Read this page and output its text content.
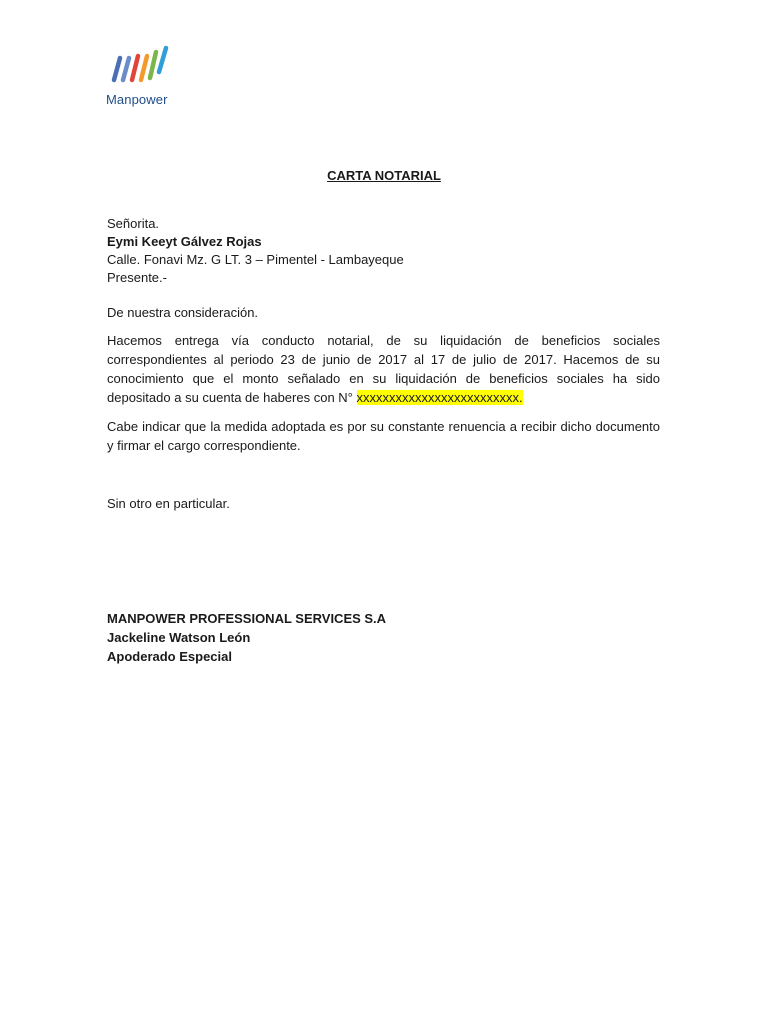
Manpower
CARTA NOTARIAL
Señorita.
Eymi Keeyt Gálvez Rojas
Calle. Fonavi Mz. G LT. 3 – Pimentel - Lambayeque
Presente.-
De nuestra consideración.
Hacemos entrega vía conducto notarial, de su liquidación de beneficios sociales correspondientes al periodo 23 de junio de 2017 al 17 de julio de 2017. Hacemos de su conocimiento que el monto señalado en su liquidación de beneficios sociales ha sido depositado a su cuenta de haberes con N° xxxxxxxxxxxxxxxxxxxxxxxxx.
Cabe indicar que la medida adoptada es por su constante renuencia a recibir dicho documento y firmar el cargo correspondiente.
Sin otro en particular.
MANPOWER PROFESSIONAL SERVICES S.A
Jackeline Watson León
Apoderado Especial
